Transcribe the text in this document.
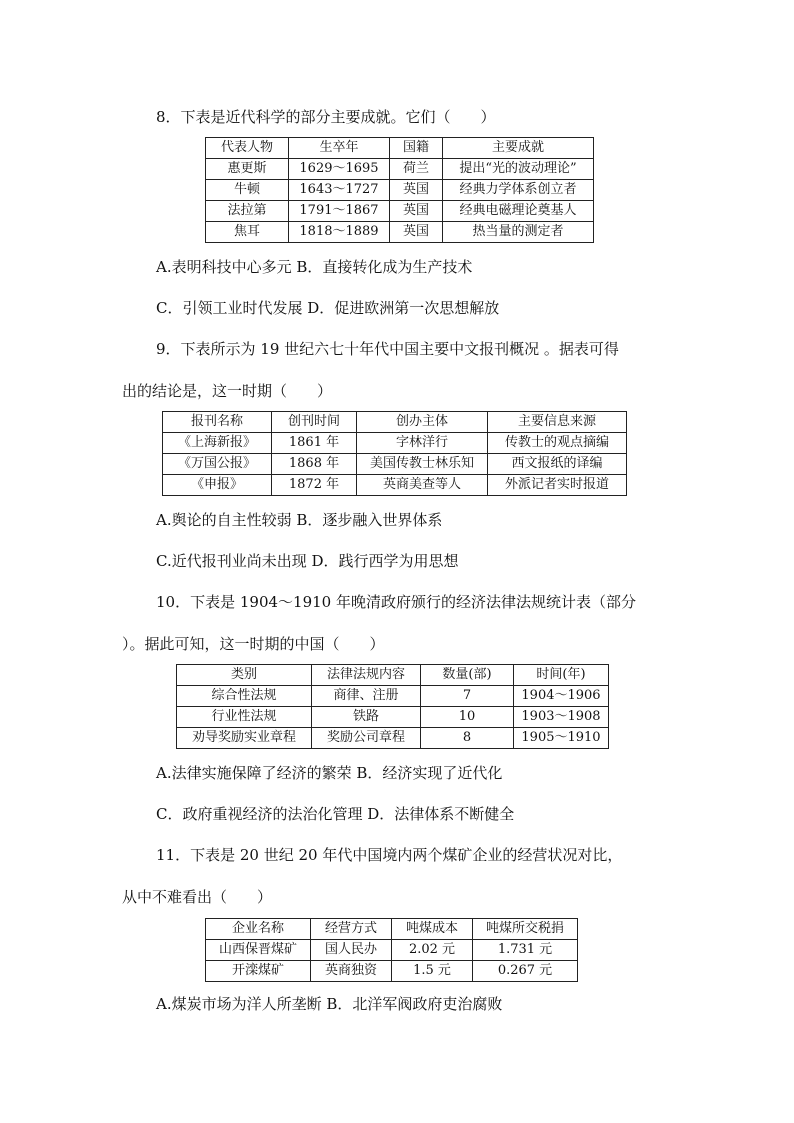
8．下表是近代科学的部分主要成就。它们（　　）
代表人物	生卒年	国籍	主要成就
惠更斯	1629～1695	荷兰	提出“光的波动理论”
牛顿	1643～1727	英国	经典力学体系创立者
法拉第	1791～1867	英国	经典电磁理论奠基人
焦耳	1818～1889	英国	热当量的测定者
A.表明科技中心多元 B．直接转化成为生产技术
C．引领工业时代发展 D．促进欧洲第一次思想解放
9．下表所示为 19 世纪六七十年代中国主要中文报刊概况 。据表可得
出的结论是，这一时期（　　）
报刊名称	创刊时间	创办主体	主要信息来源
《上海新报》	1861 年	字林洋行	传教士的观点摘编
《万国公报》	1868 年	美国传教士林乐知	西文报纸的译编
《申报》	1872 年	英商美查等人	外派记者实时报道
A.舆论的自主性较弱 B．逐步融入世界体系
C.近代报刊业尚未出现 D．践行西学为用思想
10．下表是 1904～1910 年晚清政府颁行的经济法律法规统计表（部分
）。据此可知，这一时期的中国（　　）
类别	法律法规内容	数量(部)	时间(年)
综合性法规	商律、注册	7	1904～1906
行业性法规	铁路	10	1903～1908
劝导奖励实业章程	奖励公司章程	8	1905～1910
A.法律实施保障了经济的繁荣 B．经济实现了近代化
C．政府重视经济的法治化管理 D．法律体系不断健全
11．下表是 20 世纪 20 年代中国境内两个煤矿企业的经营状况对比，
从中不难看出（　　）
企业名称	经营方式	吨煤成本	吨煤所交税捐
山西保晋煤矿	国人民办	2.02 元	1.731 元
开滦煤矿	英商独资	1.5 元	0.267 元
A.煤炭市场为洋人所垄断 B．北洋军阀政府吏治腐败
